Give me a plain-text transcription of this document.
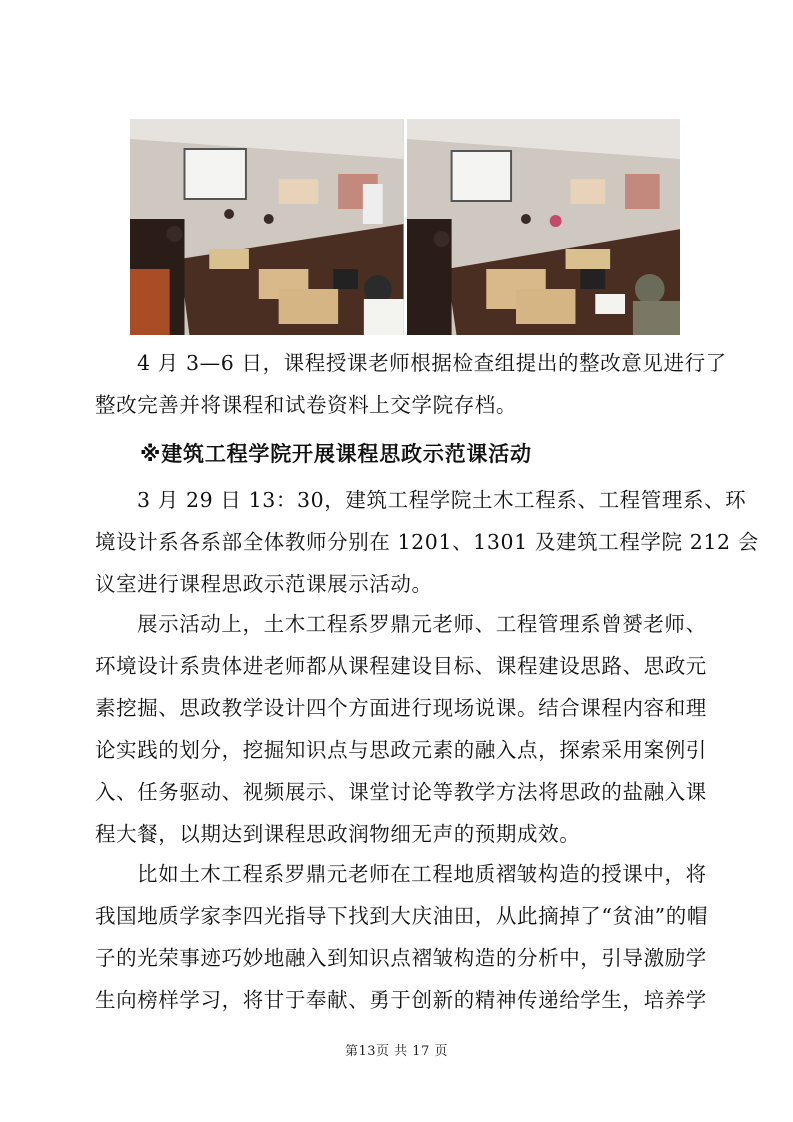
4 月 3—6 日，课程授课老师根据检查组提出的整改意见进行了
整改完善并将课程和试卷资料上交学院存档。

※建筑工程学院开展课程思政示范课活动

3 月 29 日 13：30，建筑工程学院土木工程系、工程管理系、环
境设计系各系部全体教师分别在 1201、1301 及建筑工程学院 212 会
议室进行课程思政示范课展示活动。

展示活动上，土木工程系罗鼎元老师、工程管理系曾赟老师、
环境设计系贵体进老师都从课程建设目标、课程建设思路、思政元
素挖掘、思政教学设计四个方面进行现场说课。结合课程内容和理
论实践的划分，挖掘知识点与思政元素的融入点，探索采用案例引
入、任务驱动、视频展示、课堂讨论等教学方法将思政的盐融入课
程大餐，以期达到课程思政润物细无声的预期成效。

比如土木工程系罗鼎元老师在工程地质褶皱构造的授课中，将
我国地质学家李四光指导下找到大庆油田，从此摘掉了“贫油”的帽
子的光荣事迹巧妙地融入到知识点褶皱构造的分析中，引导激励学
生向榜样学习，将甘于奉献、勇于创新的精神传递给学生，培养学

第13页 共 17 页
